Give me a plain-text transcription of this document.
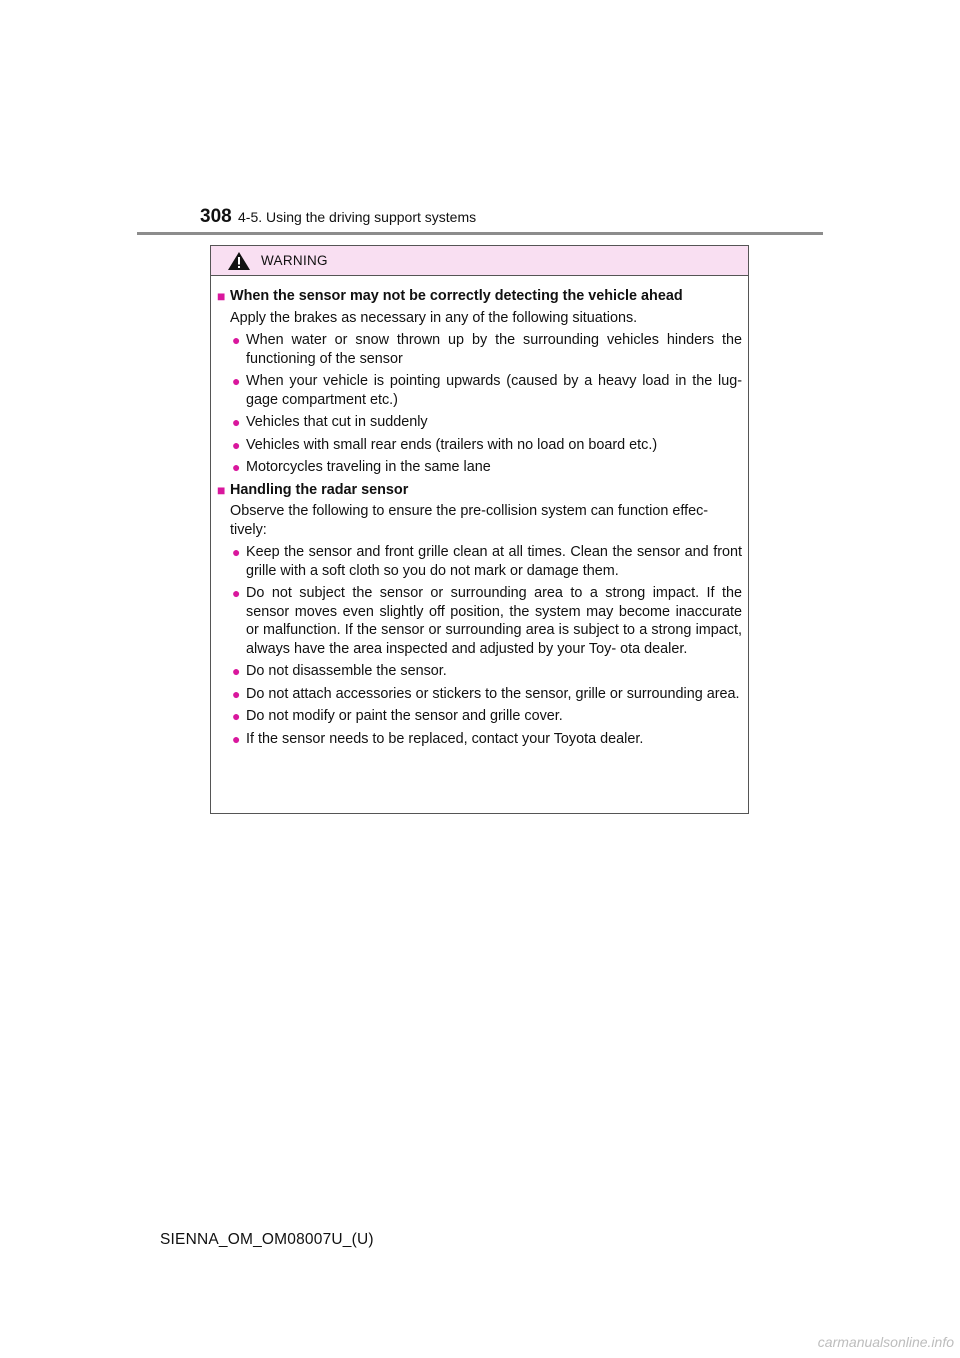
308 4-5. Using the driving support systems
WARNING
■ When the sensor may not be correctly detecting the vehicle ahead
Apply the brakes as necessary in any of the following situations.
● When water or snow thrown up by the surrounding vehicles hinders the functioning of the sensor
● When your vehicle is pointing upwards (caused by a heavy load in the lug- gage compartment etc.)
● Vehicles that cut in suddenly
● Vehicles with small rear ends (trailers with no load on board etc.)
● Motorcycles traveling in the same lane
■ Handling the radar sensor
Observe the following to ensure the pre-collision system can function effec- tively:
● Keep the sensor and front grille clean at all times. Clean the sensor and front grille with a soft cloth so you do not mark or damage them.
● Do not subject the sensor or surrounding area to a strong impact. If the sensor moves even slightly off position, the system may become inaccurate or malfunction. If the sensor or surrounding area is subject to a strong impact, always have the area inspected and adjusted by your Toy- ota dealer.
● Do not disassemble the sensor.
● Do not attach accessories or stickers to the sensor, grille or surrounding area.
● Do not modify or paint the sensor and grille cover.
● If the sensor needs to be replaced, contact your Toyota dealer.
SIENNA_OM_OM08007U_(U)
carmanualsonline.info
